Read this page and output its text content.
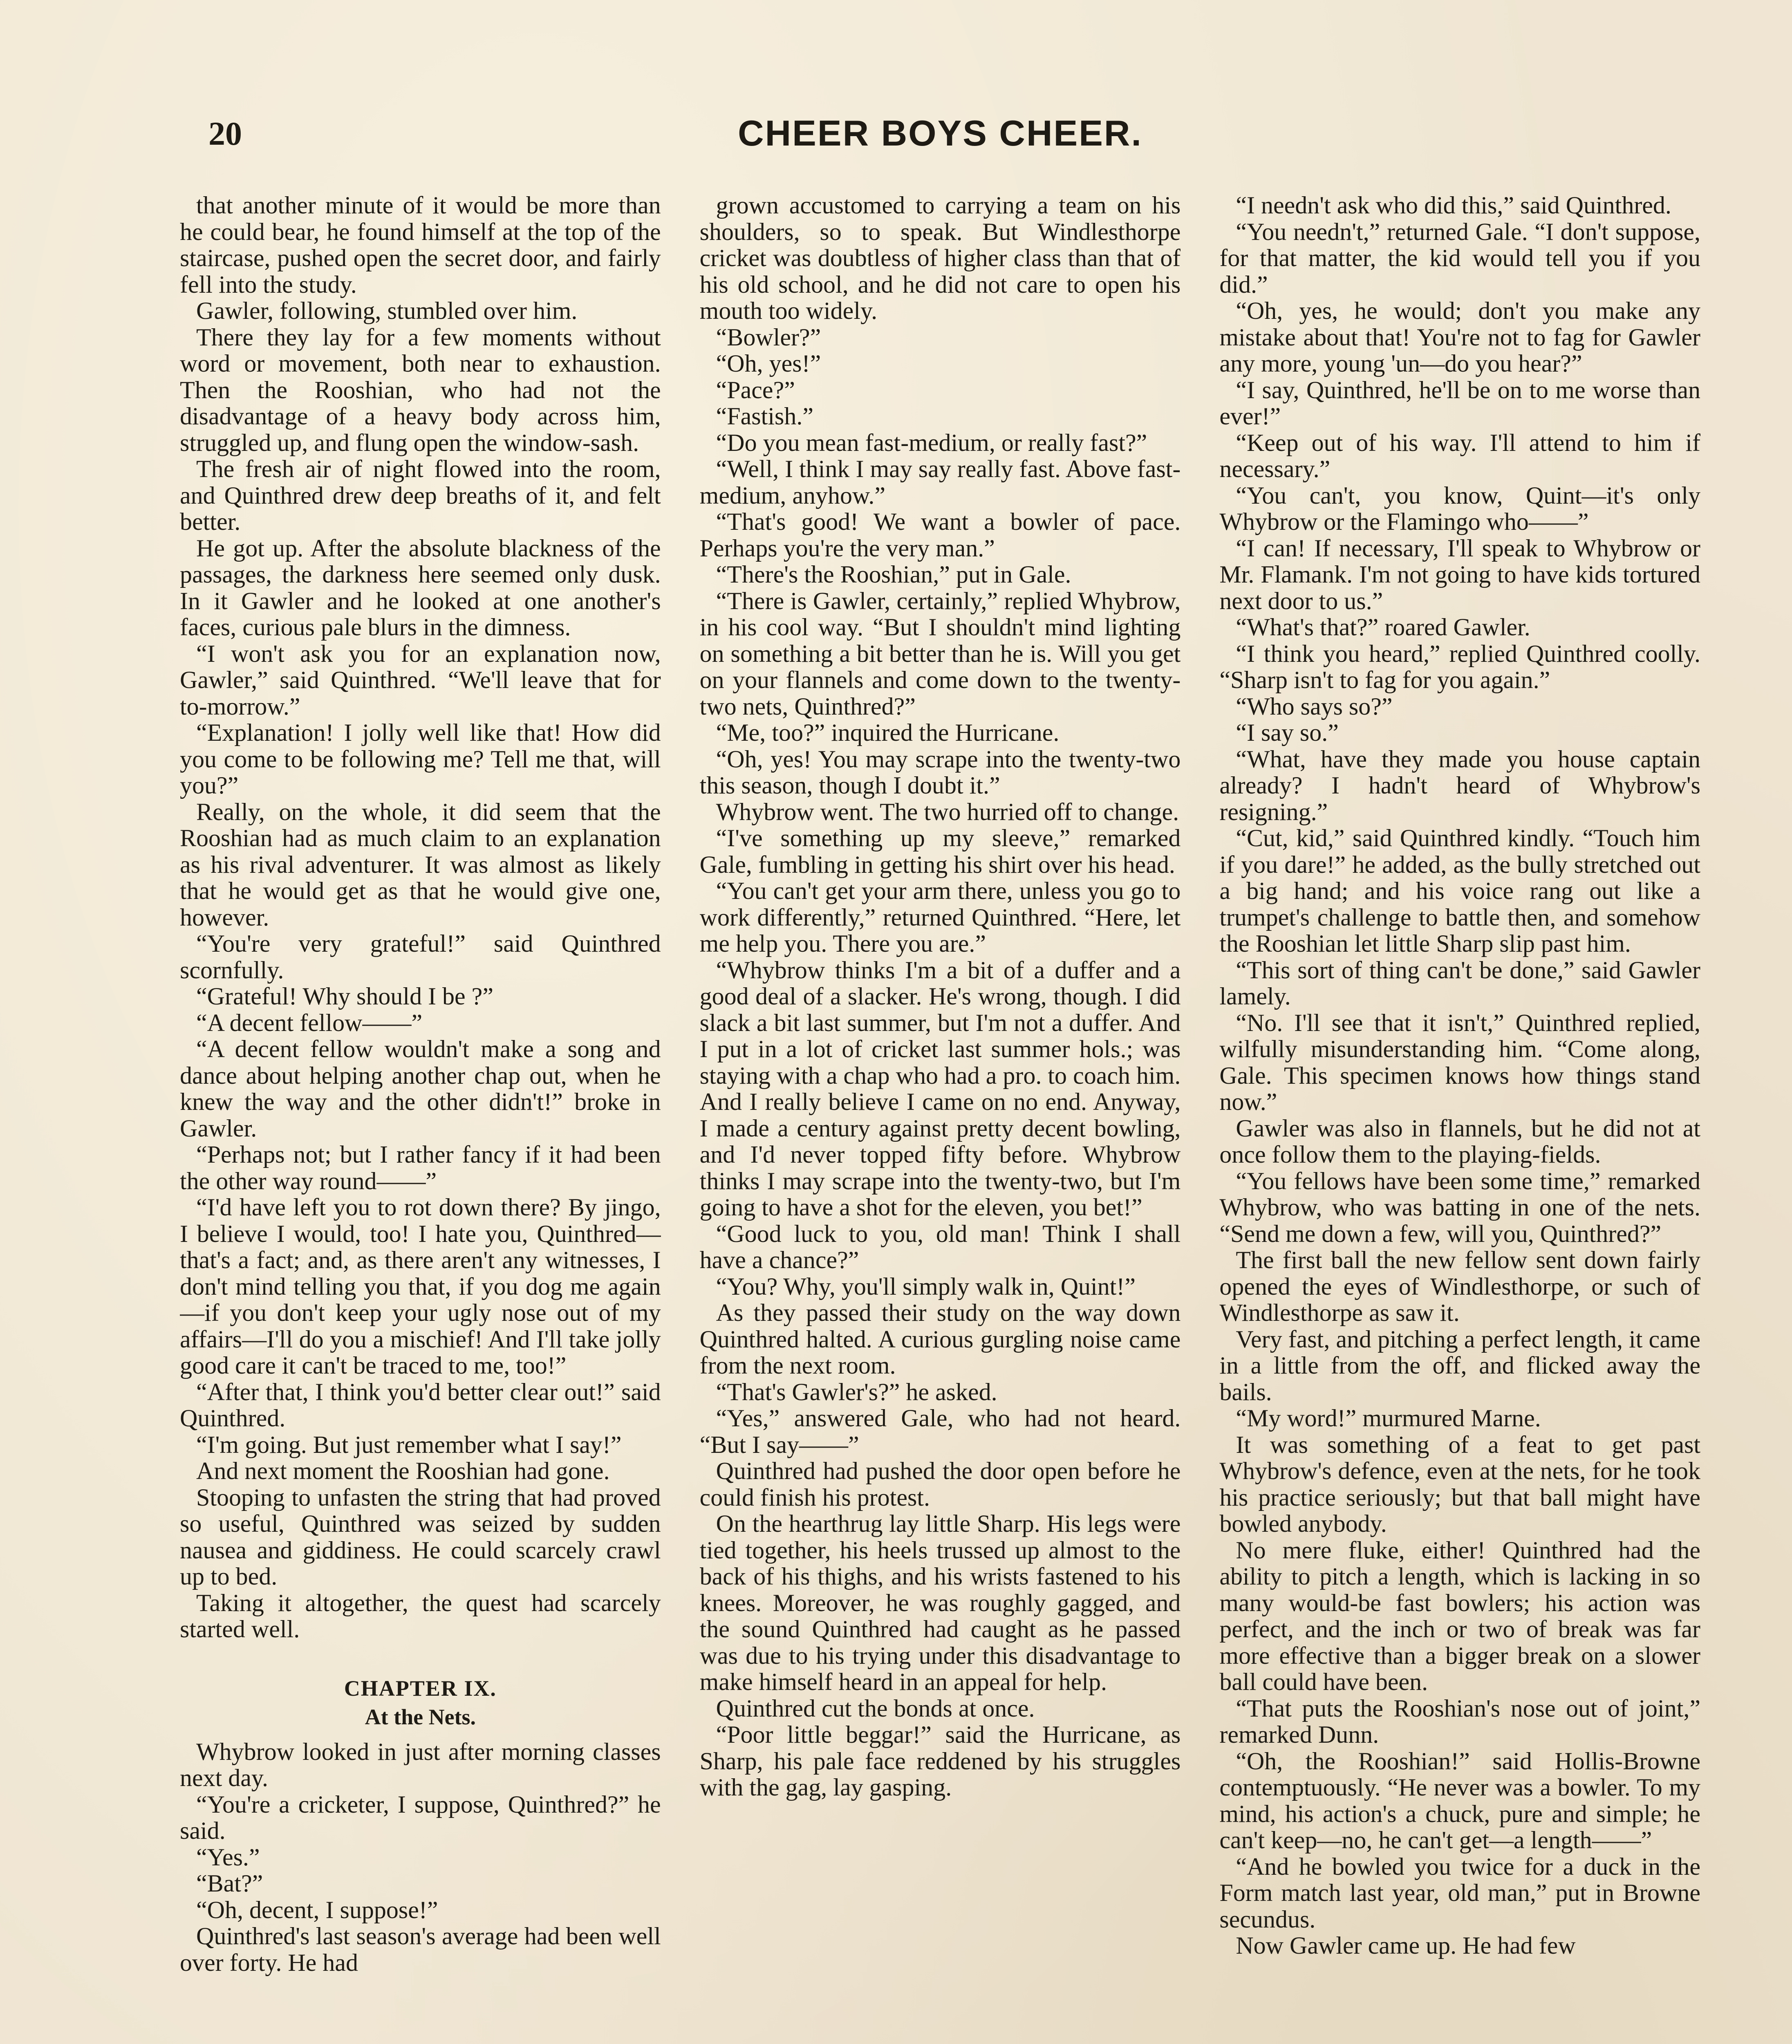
20	CHEER BOYS CHEER.

that another minute of it would be more than he could bear, he found himself at the top of the staircase, pushed open the secret door, and fairly fell into the study.

Gawler, following, stumbled over him.

There they lay for a few moments without word or movement, both near to exhaustion. Then the Rooshian, who had not the disadvantage of a heavy body across him, struggled up, and flung open the window-sash.

The fresh air of night flowed into the room, and Quinthred drew deep breaths of it, and felt better.

He got up. After the absolute blackness of the passages, the darkness here seemed only dusk. In it Gawler and he looked at one another's faces, curious pale blurs in the dimness.

“I won't ask you for an explanation now, Gawler,” said Quinthred. “We'll leave that for to-morrow.”

“Explanation! I jolly well like that! How did you come to be following me? Tell me that, will you?”

Really, on the whole, it did seem that the Rooshian had as much claim to an explanation as his rival adventurer. It was almost as likely that he would get as that he would give one, however.

“You're very grateful!” said Quinthred scornfully.

“Grateful! Why should I be ?”

“A decent fellow——”

“A decent fellow wouldn't make a song and dance about helping another chap out, when he knew the way and the other didn't!” broke in Gawler.

“Perhaps not; but I rather fancy if it had been the other way round——”

“I'd have left you to rot down there? By jingo, I believe I would, too! I hate you, Quinthred—that's a fact; and, as there aren't any witnesses, I don't mind telling you that, if you dog me again—if you don't keep your ugly nose out of my affairs—I'll do you a mischief! And I'll take jolly good care it can't be traced to me, too!”

“After that, I think you'd better clear out!” said Quinthred.

“I'm going. But just remember what I say!”

And next moment the Rooshian had gone.

Stooping to unfasten the string that had proved so useful, Quinthred was seized by sudden nausea and giddiness. He could scarcely crawl up to bed.

Taking it altogether, the quest had scarcely started well.

CHAPTER IX.
At the Nets.

Whybrow looked in just after morning classes next day.

“You're a cricketer, I suppose, Quinthred?” he said.

“Yes.”

“Bat?”

“Oh, decent, I suppose!”

Quinthred's last season's average had been well over forty. He had

grown accustomed to carrying a team on his shoulders, so to speak. But Windlesthorpe cricket was doubtless of higher class than that of his old school, and he did not care to open his mouth too widely.

“Bowler?”

“Oh, yes!”

“Pace?”

“Fastish.”

“Do you mean fast-medium, or really fast?”

“Well, I think I may say really fast. Above fast-medium, anyhow.”

“That's good! We want a bowler of pace. Perhaps you're the very man.”

“There's the Rooshian,” put in Gale.

“There is Gawler, certainly,” replied Whybrow, in his cool way. “But I shouldn't mind lighting on something a bit better than he is. Will you get on your flannels and come down to the twenty-two nets, Quinthred?”

“Me, too?” inquired the Hurricane.

“Oh, yes! You may scrape into the twenty-two this season, though I doubt it.”

Whybrow went. The two hurried off to change.

“I've something up my sleeve,” remarked Gale, fumbling in getting his shirt over his head.

“You can't get your arm there, unless you go to work differently,” returned Quinthred. “Here, let me help you. There you are.”

“Whybrow thinks I'm a bit of a duffer and a good deal of a slacker. He's wrong, though. I did slack a bit last summer, but I'm not a duffer. And I put in a lot of cricket last summer hols.; was staying with a chap who had a pro. to coach him. And I really believe I came on no end. Anyway, I made a century against pretty decent bowling, and I'd never topped fifty before. Whybrow thinks I may scrape into the twenty-two, but I'm going to have a shot for the eleven, you bet!”

“Good luck to you, old man! Think I shall have a chance?”

“You? Why, you'll simply walk in, Quint!”

As they passed their study on the way down Quinthred halted. A curious gurgling noise came from the next room.

“That's Gawler's?” he asked.

“Yes,” answered Gale, who had not heard. “But I say——”

Quinthred had pushed the door open before he could finish his protest.

On the hearthrug lay little Sharp. His legs were tied together, his heels trussed up almost to the back of his thighs, and his wrists fastened to his knees. Moreover, he was roughly gagged, and the sound Quinthred had caught as he passed was due to his trying under this disadvantage to make himself heard in an appeal for help.

Quinthred cut the bonds at once.

“Poor little beggar!” said the Hurricane, as Sharp, his pale face reddened by his struggles with the gag, lay gasping.

“I needn't ask who did this,” said Quinthred.

“You needn't,” returned Gale. “I don't suppose, for that matter, the kid would tell you if you did.”

“Oh, yes, he would; don't you make any mistake about that! You're not to fag for Gawler any more, young 'un—do you hear?”

“I say, Quinthred, he'll be on to me worse than ever!”

“Keep out of his way. I'll attend to him if necessary.”

“You can't, you know, Quint—it's only Whybrow or the Flamingo who——”

“I can! If necessary, I'll speak to Whybrow or Mr. Flamank. I'm not going to have kids tortured next door to us.”

“What's that?” roared Gawler.

“I think you heard,” replied Quinthred coolly. “Sharp isn't to fag for you again.”

“Who says so?”

“I say so.”

“What, have they made you house captain already? I hadn't heard of Whybrow's resigning.”

“Cut, kid,” said Quinthred kindly. “Touch him if you dare!” he added, as the bully stretched out a big hand; and his voice rang out like a trumpet's challenge to battle then, and somehow the Rooshian let little Sharp slip past him.

“This sort of thing can't be done,” said Gawler lamely.

“No. I'll see that it isn't,” Quinthred replied, wilfully misunderstanding him. “Come along, Gale. This specimen knows how things stand now.”

Gawler was also in flannels, but he did not at once follow them to the playing-fields.

“You fellows have been some time,” remarked Whybrow, who was batting in one of the nets. “Send me down a few, will you, Quinthred?”

The first ball the new fellow sent down fairly opened the eyes of Windlesthorpe, or such of Windlesthorpe as saw it.

Very fast, and pitching a perfect length, it came in a little from the off, and flicked away the bails.

“My word!” murmured Marne.

It was something of a feat to get past Whybrow's defence, even at the nets, for he took his practice seriously; but that ball might have bowled anybody.

No mere fluke, either! Quinthred had the ability to pitch a length, which is lacking in so many would-be fast bowlers; his action was perfect, and the inch or two of break was far more effective than a bigger break on a slower ball could have been.

“That puts the Rooshian's nose out of joint,” remarked Dunn.

“Oh, the Rooshian!” said Hollis-Browne contemptuously. “He never was a bowler. To my mind, his action's a chuck, pure and simple; he can't keep—no, he can't get—a length——”

“And he bowled you twice for a duck in the Form match last year, old man,” put in Browne secundus.

Now Gawler came up. He had few
